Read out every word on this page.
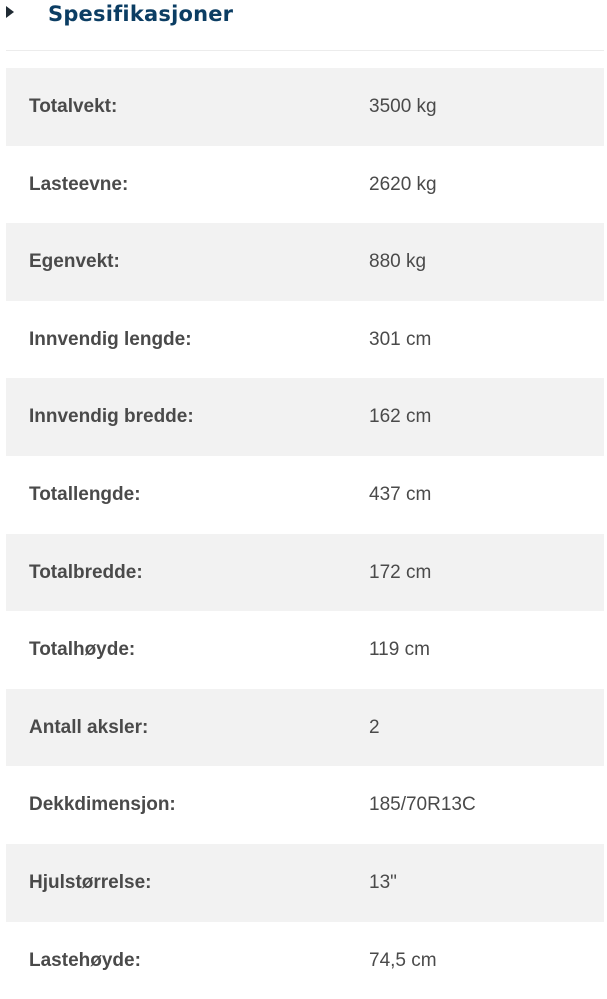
Spesifikasjoner
Totalvekt:	3500 kg
Lasteevne:	2620 kg
Egenvekt:	880 kg
Innvendig lengde:	301 cm
Innvendig bredde:	162 cm
Totallengde:	437 cm
Totalbredde:	172 cm
Totalhøyde:	119 cm
Antall aksler:	2
Dekkdimensjon:	185/70R13C
Hjulstørrelse:	13"
Lastehøyde:	74,5 cm
